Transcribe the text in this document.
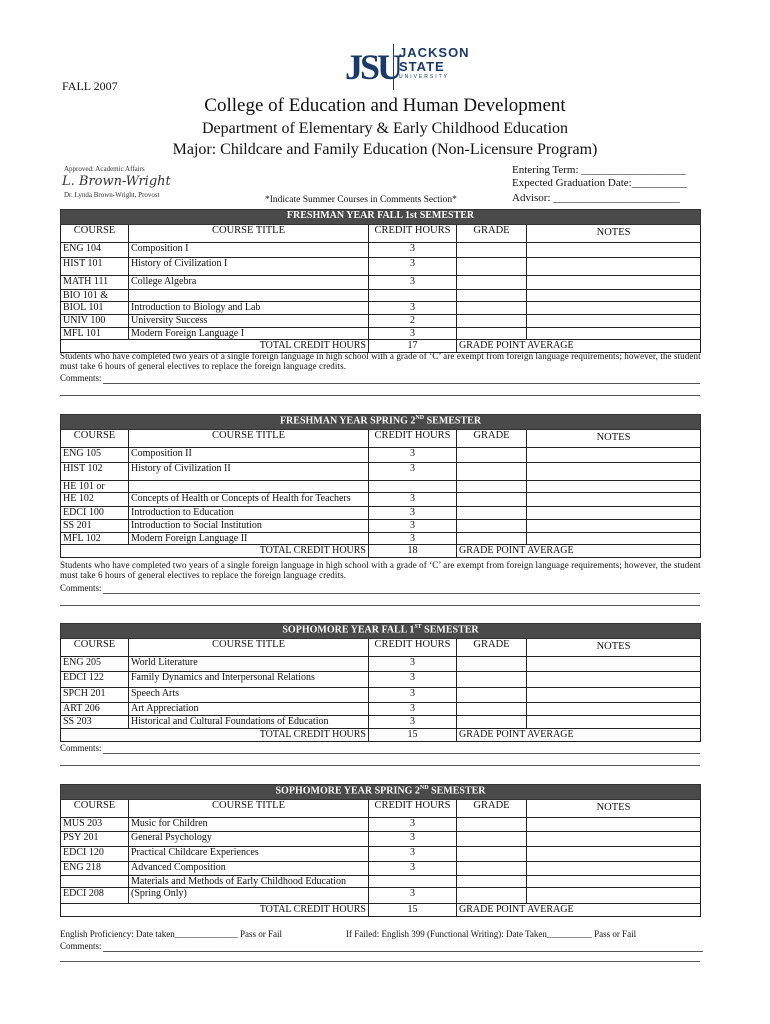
FALL 2007	JSU
JACKSON
STATE
UNIVERSITY
College of Education and Human Development
Department of Elementary & Early Childhood Education
Major: Childcare and Family Education (Non-Licensure Program)
Approved: Academic Affairs
L. Brown-Wright
Dr. Lynda Brown-Wright, Provost
Entering Term: ___________________
Expected Graduation Date:__________
Advisor: _______________________
*Indicate Summer Courses in Comments Section*
FRESHMAN YEAR FALL 1st SEMESTER				
COURSE	COURSE TITLE	CREDIT HOURS	GRADE	NOTES
ENG 104	Composition I	3		
HIST 101	History of Civilization I	3		
MATH 111	College Algebra	3		
BIO 101 &				
BIOL 101	Introduction to Biology and Lab	3		
UNIV 100	University Success	2		
MFL 101	Modern Foreign Language I	3		
TOTAL CREDIT HOURS		17	GRADE POINT AVERAGE	
Students who have completed two years of a single foreign language in high school with a grade of ‘C’ are exempt from foreign language requirements; however, the student must take 6 hours of general electives to replace the foreign language credits.
Comments:
FRESHMAN YEAR SPRING 2ND SEMESTER				
COURSE	COURSE TITLE	CREDIT HOURS	GRADE	NOTES
ENG 105	Composition II	3		
HIST 102	History of Civilization II	3		
HE 101 or				
HE 102	Concepts of Health or Concepts of Health for Teachers	3		
EDCI 100	Introduction to Education	3		
SS 201	Introduction to Social Institution	3		
MFL 102	Modern Foreign Language II	3		
TOTAL CREDIT HOURS		18	GRADE POINT AVERAGE	
Students who have completed two years of a single foreign language in high school with a grade of ‘C’ are exempt from foreign language requirements; however, the student must take 6 hours of general electives to replace the foreign language credits.
Comments:
SOPHOMORE YEAR FALL 1ST SEMESTER				
COURSE	COURSE TITLE	CREDIT HOURS	GRADE	NOTES
ENG 205	World Literature	3		
EDCI 122	Family Dynamics and Interpersonal Relations	3		
SPCH 201	Speech Arts	3		
ART 206	Art Appreciation	3		
SS 203	Historical and Cultural Foundations of Education	3		
TOTAL CREDIT HOURS		15	GRADE POINT AVERAGE	
Comments:
SOPHOMORE YEAR SPRING 2ND SEMESTER				
COURSE	COURSE TITLE	CREDIT HOURS	GRADE	NOTES
MUS 203	Music for Children	3		
PSY 201	General Psychology	3		
EDCI 120	Practical Childcare Experiences	3		
ENG 218	Advanced Composition	3		
	Materials and Methods of Early Childhood Education			
EDCI 208	(Spring Only)	3		
TOTAL CREDIT HOURS		15	GRADE POINT AVERAGE	
English Proficiency: Date taken______________ Pass or Fail	If Failed: English 399 (Functional Writing): Date Taken__________ Pass or Fail
Comments:
